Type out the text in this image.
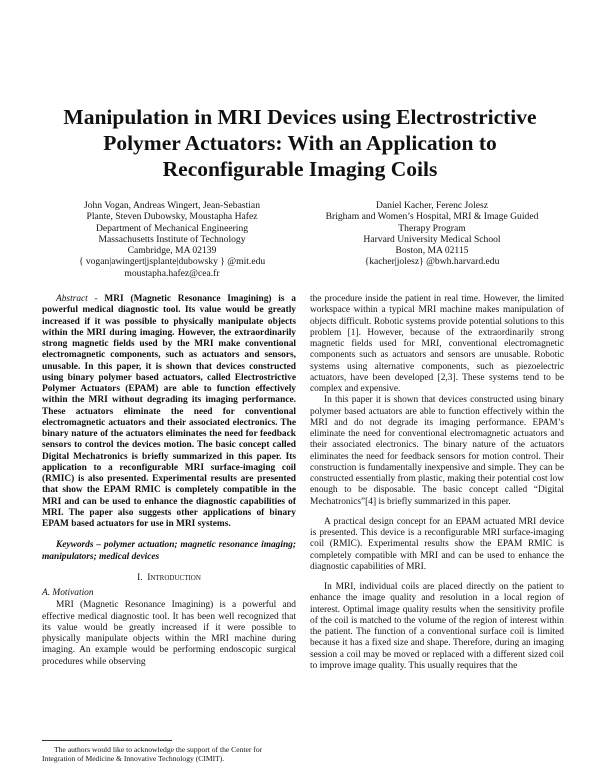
Manipulation in MRI Devices using Electrostrictive Polymer Actuators: With an Application to Reconfigurable Imaging Coils
John Vogan, Andreas Wingert, Jean-Sebastian
Plante, Steven Dubowsky, Moustapha Hafez
Department of Mechanical Engineering
Massachusetts Institute of Technology
Cambridge, MA 02139
{ vogan|awingert|jsplante|dubowsky } @mit.edu
moustapha.hafez@cea.fr
Daniel Kacher, Ferenc Jolesz
Brigham and Women’s Hospital, MRI & Image Guided
Therapy Program
Harvard University Medical School
Boston, MA 02115
{kacher|jolesz} @bwh.harvard.edu

Abstract - MRI (Magnetic Resonance Imagining) is a powerful medical diagnostic tool. Its value would be greatly increased if it was possible to physically manipulate objects within the MRI during imaging. However, the extraordinarily strong magnetic fields used by the MRI make conventional electromagnetic components, such as actuators and sensors, unusable. In this paper, it is shown that devices constructed using binary polymer based actuators, called Electrostrictive Polymer Actuators (EPAM) are able to function effectively within the MRI without degrading its imaging performance. These actuators eliminate the need for conventional electromagnetic actuators and their associated electronics. The binary nature of the actuators eliminates the need for feedback sensors to control the devices motion. The basic concept called Digital Mechatronics is briefly summarized in this paper. Its application to a reconfigurable MRI surface-imaging coil (RMIC) is also presented. Experimental results are presented that show the EPAM RMIC is completely compatible in the MRI and can be used to enhance the diagnostic capabilities of MRI. The paper also suggests other applications of binary EPAM based actuators for use in MRI systems.

Keywords – polymer actuation; magnetic resonance imaging; manipulators; medical devices

I. Introduction

A. Motivation

MRI (Magnetic Resonance Imagining) is a powerful and effective medical diagnostic tool. It has been well recognized that its value would be greatly increased if it were possible to physically manipulate objects within the MRI machine during imaging. An example would be performing endoscopic surgical procedures while observing

the procedure inside the patient in real time. However, the limited workspace within a typical MRI machine makes manipulation of objects difficult. Robotic systems provide potential solutions to this problem [1]. However, because of the extraordinarily strong magnetic fields used for MRI, conventional electromagnetic components such as actuators and sensors are unusable. Robotic systems using alternative components, such as piezoelectric actuators, have been developed [2,3]. These systems tend to be complex and expensive.

In this paper it is shown that devices constructed using binary polymer based actuators are able to function effectively within the MRI and do not degrade its imaging performance. EPAM’s eliminate the need for conventional electromagnetic actuators and their associated electronics. The binary nature of the actuators eliminates the need for feedback sensors for motion control. Their construction is fundamentally inexpensive and simple. They can be constructed essentially from plastic, making their potential cost low enough to be disposable. The basic concept called “Digital Mechatronics”[4] is briefly summarized in this paper.

A practical design concept for an EPAM actuated MRI device is presented. This device is a reconfigurable MRI surface-imaging coil (RMIC). Experimental results show the EPAM RMIC is completely compatible with MRI and can be used to enhance the diagnostic capabilities of MRI.

In MRI, individual coils are placed directly on the patient to enhance the image quality and resolution in a local region of interest. Optimal image quality results when the sensitivity profile of the coil is matched to the volume of the region of interest within the patient. The function of a conventional surface coil is limited because it has a fixed size and shape. Therefore, during an imaging session a coil may be moved or replaced with a different sized coil to improve image quality. This usually requires that the

The authors would like to acknowledge the support of the Center for
Integration of Medicine & Innovative Technology (CIMIT).
